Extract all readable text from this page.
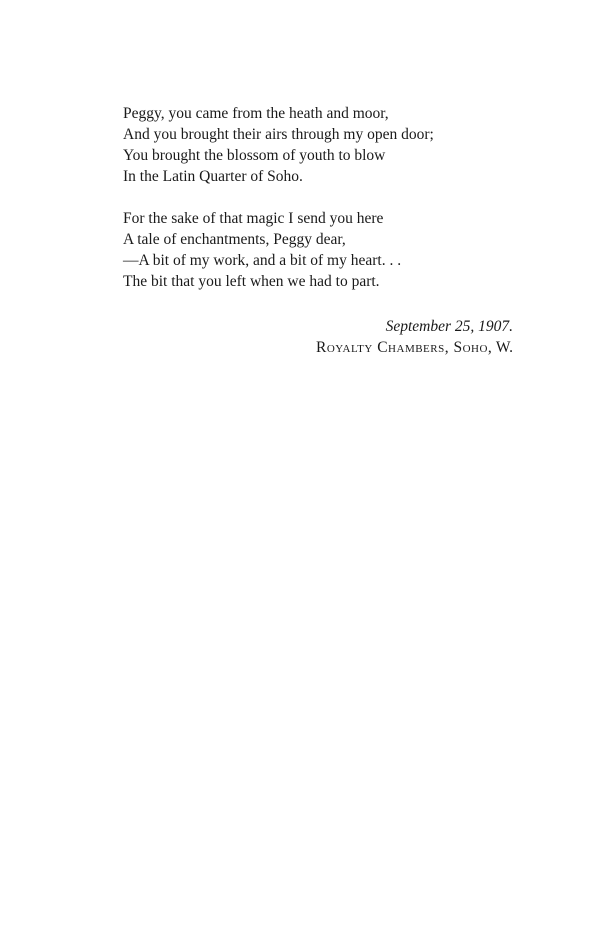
Peggy, you came from the heath and moor,
And you brought their airs through my open door;
You brought the blossom of youth to blow
In the Latin Quarter of Soho.
For the sake of that magic I send you here
A tale of enchantments, Peggy dear,
—A bit of my work, and a bit of my heart. . .
The bit that you left when we had to part.
September 25, 1907.
Royalty Chambers, Soho, W.
